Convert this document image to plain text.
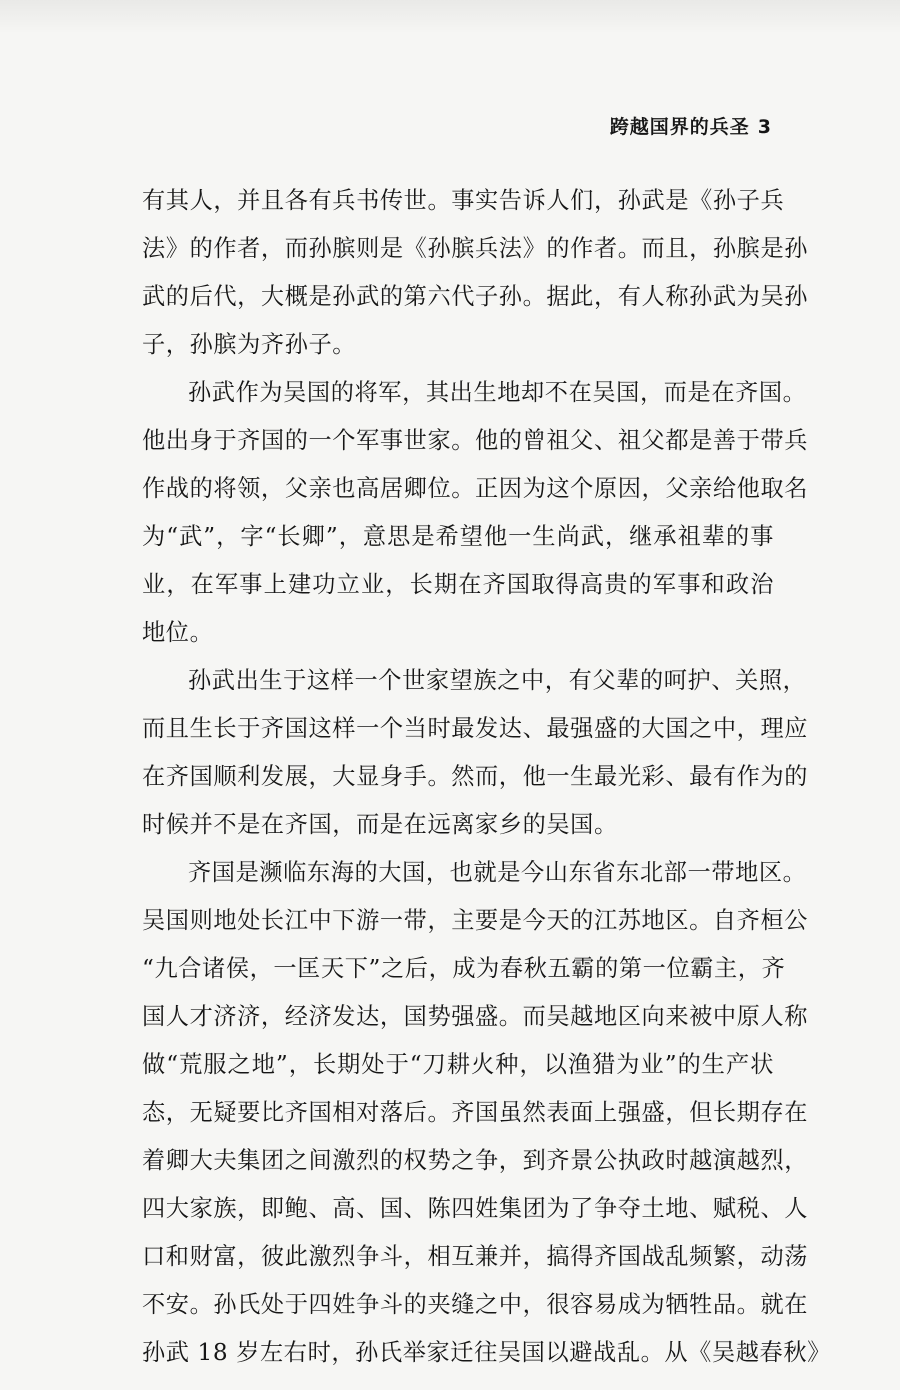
跨越国界的兵圣 3
有其人，并且各有兵书传世。事实告诉人们，孙武是《孙子兵
法》的作者，而孙膑则是《孙膑兵法》的作者。而且，孙膑是孙
武的后代，大概是孙武的第六代子孙。据此，有人称孙武为吴孙
子，孙膑为齐孙子。
孙武作为吴国的将军，其出生地却不在吴国，而是在齐国。
他出身于齐国的一个军事世家。他的曾祖父、祖父都是善于带兵
作战的将领，父亲也高居卿位。正因为这个原因，父亲给他取名
为“武”，字“长卿”，意思是希望他一生尚武，继承祖辈的事
业，在军事上建功立业，长期在齐国取得高贵的军事和政治
地位。
孙武出生于这样一个世家望族之中，有父辈的呵护、关照，
而且生长于齐国这样一个当时最发达、最强盛的大国之中，理应
在齐国顺利发展，大显身手。然而，他一生最光彩、最有作为的
时候并不是在齐国，而是在远离家乡的吴国。
齐国是濒临东海的大国，也就是今山东省东北部一带地区。
吴国则地处长江中下游一带，主要是今天的江苏地区。自齐桓公
“九合诸侯，一匡天下”之后，成为春秋五霸的第一位霸主，齐
国人才济济，经济发达，国势强盛。而吴越地区向来被中原人称
做“荒服之地”，长期处于“刀耕火种，以渔猎为业”的生产状
态，无疑要比齐国相对落后。齐国虽然表面上强盛，但长期存在
着卿大夫集团之间激烈的权势之争，到齐景公执政时越演越烈，
四大家族，即鲍、高、国、陈四姓集团为了争夺土地、赋税、人
口和财富，彼此激烈争斗，相互兼并，搞得齐国战乱频繁，动荡
不安。孙氏处于四姓争斗的夹缝之中，很容易成为牺牲品。就在
孙武 18 岁左右时，孙氏举家迁往吴国以避战乱。从《吴越春秋》
